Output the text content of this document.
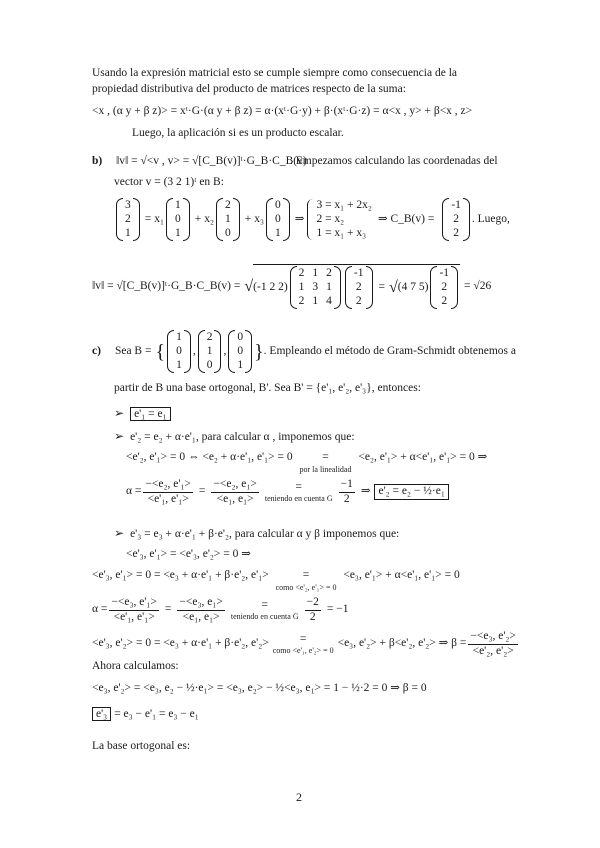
Usando la expresión matricial esto se cumple siempre como consecuencia de la
propiedad distributiva del producto de matrices respecto de la suma:
<x , (α y + β z)> = xᵗ·G·(α y + β z) = α·(xᵗ·G·y) + β·(xᵗ·G·z) = α<x , y> + β<x , z>
Luego, la aplicación si es un producto escalar.
b) ‖v‖ = √<v , v> = √[C_B(v)]ᵗ·G_B·C_B(v)
. Empezamos calculando las coordenadas del
vector v = (3 2 1)ᵗ en B:
3
2
1
= x₁
1
0
1
+ x₂
2
1
0
+ x₃
0
0
1
⇒
3 = x₁ + 2x₂
2 = x₂
1 = x₁ + x₃
⇒ C_B(v) =
-1
2
2
. Luego,
‖v‖ = √[C_B(v)]ᵗ·G_B·C_B(v) = √ (-1 2 2)
2 1 2
1 3 1
2 1 4
-1
2
2
= √ (4 7 5)
-1
2
2
= √26
c) Sea B = {
1
0
1
,
2
1
0
,
0
0
1
} . Empleando el método de Gram-Schmidt obtenemos a
partir de B una base ortogonal, B'. Sea B' = {e'₁, e'₂, e'₃}, entonces:
➢ e'₁ = e₁
➢ e'₂ = e₂ + α·e'₁, para calcular α , imponemos que:
<e'₂, e'₁> = 0 ⇔ <e₂ + α·e'₁, e'₁> = 0	=
por la linealidad
<e₂, e'₁> + α<e'₁, e'₁> = 0 ⇒
$\alpha = \frac{\text{−<e₂, e'₁>}}{\text{<e'₁, e'₁>}} = \frac{\text{−<e₂, e₁>}}{\text{<e₁, e₁>}}$	=
teniendo en cuenta G $\frac{-1}{2}$ ⇒ e'₂ = e₂ − ½·e₁
➢ e'₃ = e₃ + α·e'₁ + β·e'₂, para calcular α y β imponemos que:
<e'₃, e'₁> = <e'₃, e'₂> = 0 ⇒
<e'₃, e'₁> = 0 = <e₃ + α·e'₁ + β·e'₂, e'₁>	=
como <e'₂, e'₁> = 0
<e₃, e'₁> + α<e'₁, e'₁> = 0
$\alpha = \frac{\text{−<e₃, e'₁>}}{\text{<e'₁, e'₁>}} = \frac{\text{−<e₃, e₁>}}{\text{<e₁, e₁>}}$	=
teniendo en cuenta G $\frac{-2}{2} = -1$
<e'₃, e'₂> = 0 = <e₃ + α·e'₁ + β·e'₂, e'₂>	=
como <e'₁, e'₂> = 0
<e₃, e'₂> + β<e'₂, e'₂> ⇒ $\beta = \frac{\text{−<e₃, e'₂>}}{\text{<e'₂, e'₂>}}$
Ahora calculamos:
<e₃, e'₂> = <e₃, e₂ − ½·e₁> = <e₃, e₂> − ½<e₃, e₁> = 1 − ½·2 = 0 ⇒ β = 0
e'₃ = e₃ − e'₁ = e₃ − e₁
La base ortogonal es:
2
